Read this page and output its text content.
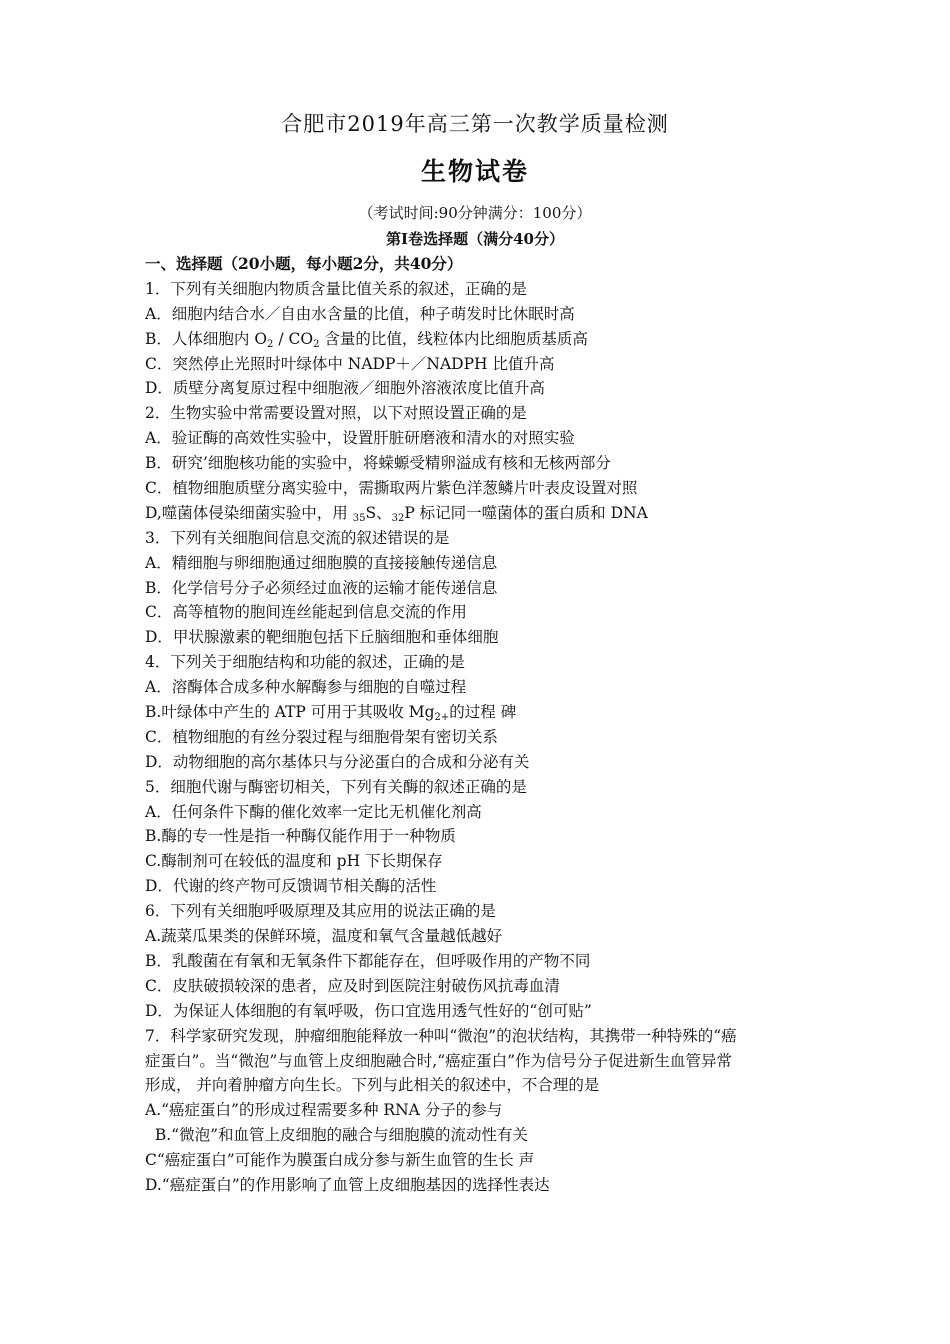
合肥市2019年高三第一次教学质量检测
生物试卷
（考试时间:90分钟满分：100分）
第Ⅰ卷选择题（满分40分）
一、选择题（20小题，每小题2分，共40分）
1．下列有关细胞内物质含量比值关系的叙述，正确的是
A．细胞内结合水／自由水含量的比值，种子萌发时比休眠时高
B．人体细胞内 $O_2 / CO_2$ 含量的比值，线粒体内比细胞质基质高
C．突然停止光照时叶绿体中 NADP＋／NADPH 比值升高
D．质壁分离复原过程中细胞液／细胞外溶液浓度比值升高
2．生物实验中常需要设置对照，以下对照设置正确的是
A．验证酶的高效性实验中，设置肝脏研磨液和清水的对照实验
B．研究’细胞核功能的实验中，将蝾螈受精卵溢成有核和无核两部分
C．植物细胞质壁分离实验中，需撕取两片紫色洋葱鳞片叶表皮设置对照
D,噬菌体侵染细菌实验中，用 $_{35}$S、$_{32}$P 标记同一噬菌体的蛋白质和 DNA
3．下列有关细胞间信息交流的叙述错误的是
A．精细胞与卵细胞通过细胞膜的直接接触传递信息
B．化学信号分子必须经过血液的运输才能传递信息
C．高等植物的胞间连丝能起到信息交流的作用
D．甲状腺激素的靶细胞包括下丘脑细胞和垂体细胞
4．下列关于细胞结构和功能的叙述，正确的是
A．溶酶体合成多种水解酶参与细胞的自噬过程
B.叶绿体中产生的 ATP 可用于其吸收 $Mg_{2+}$的过程 碑
C．植物细胞的有丝分裂过程与细胞骨架有密切关系
D．动物细胞的高尔基体只与分泌蛋白的合成和分泌有关
5．细胞代谢与酶密切相关，下列有关酶的叙述正确的是
A．任何条件下酶的催化效率一定比无机催化剂高
B.酶的专一性是指一种酶仅能作用于一种物质
C.酶制剂可在较低的温度和 pH 下长期保存
D．代谢的终产物可反馈调节相关酶的活性
6．下列有关细胞呼吸原理及其应用的说法正确的是
A.蔬菜瓜果类的保鲜环境，温度和氧气含量越低越好
B．乳酸菌在有氧和无氧条件下都能存在，但呼吸作用的产物不同
C．皮肤破损较深的患者，应及时到医院注射破伤风抗毒血清
D．为保证人体细胞的有氧呼吸，伤口宜选用透气性好的“创可贴”
7．科学家研究发现，肿瘤细胞能释放一种叫“微泡”的泡状结构，其携带一种特殊的“癌
症蛋白”。当“微泡”与血管上皮细胞融合时,“癌症蛋白”作为信号分子促进新生血管异常
形成， 并向着肿瘤方向生长。下列与此相关的叙述中，不合理的是
A.“癌症蛋白”的形成过程需要多种 RNA 分子的参与
B.“微泡”和血管上皮细胞的融合与细胞膜的流动性有关
C“癌症蛋白”可能作为膜蛋白成分参与新生血管的生长 声
D.“癌症蛋白”的作用影响了血管上皮细胞基因的选择性表达
